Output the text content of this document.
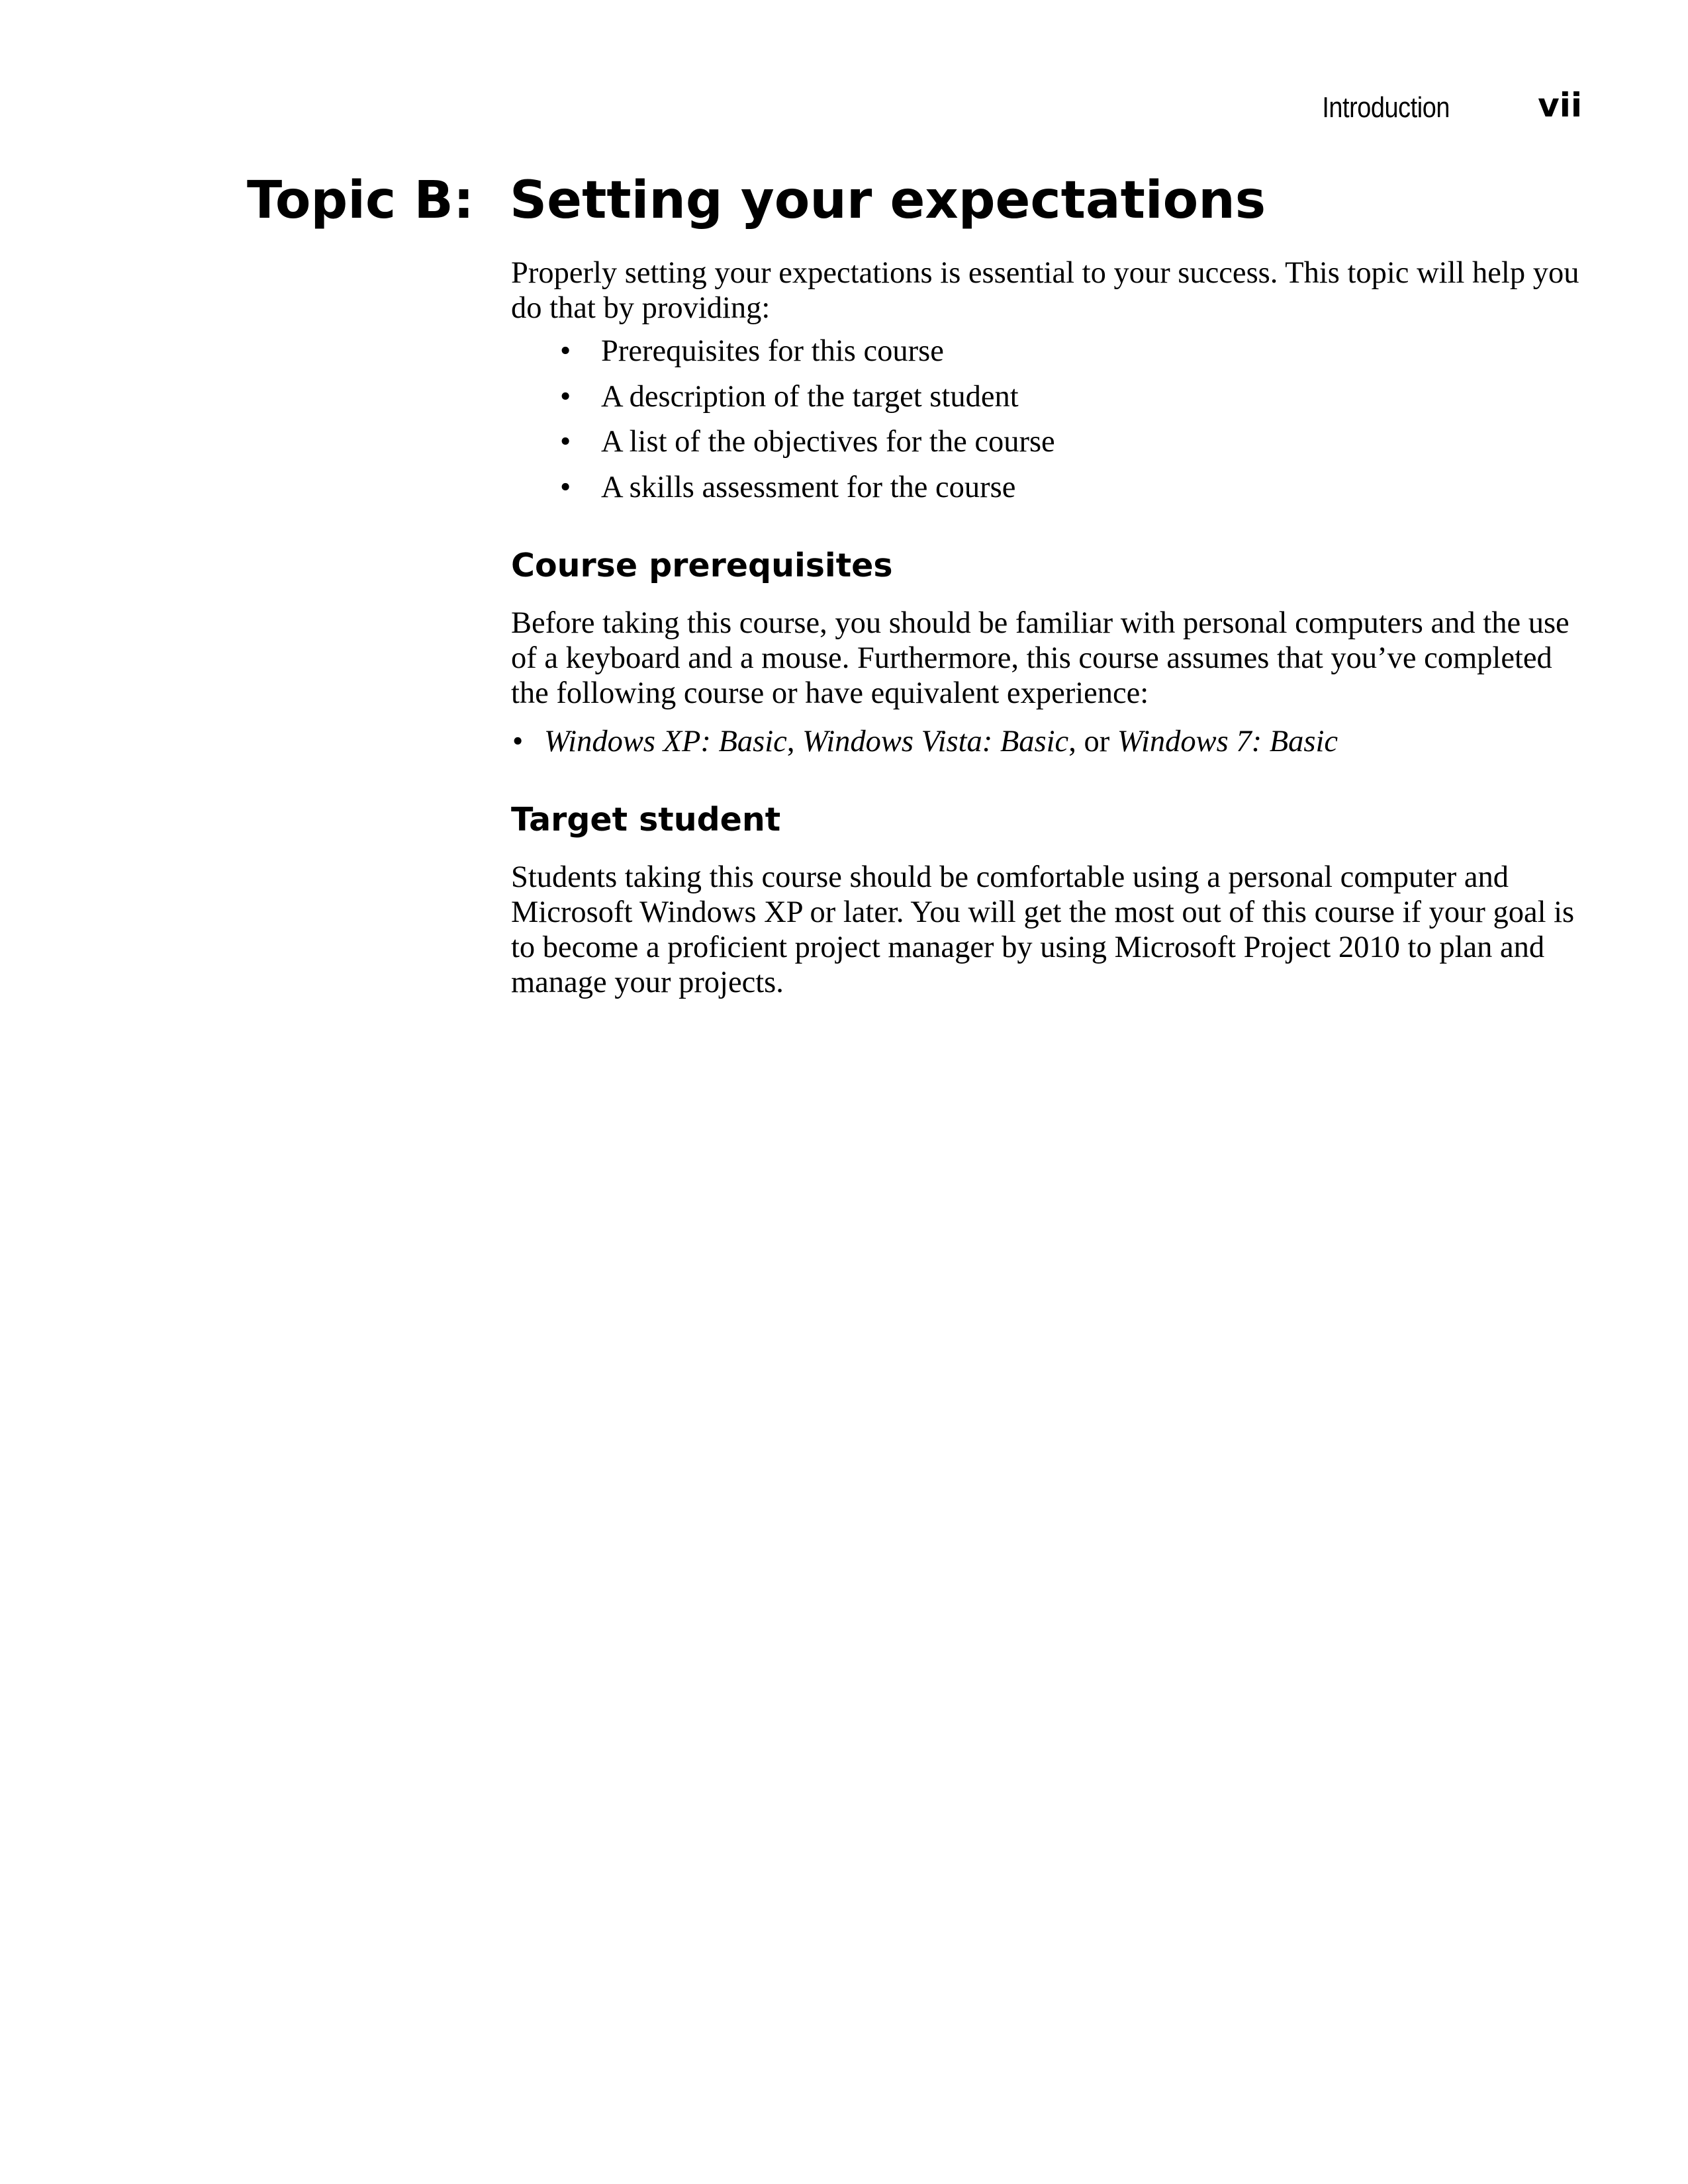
Introduction	vii
Topic B: Setting your expectations

Properly setting your expectations is essential to your success. This topic will help you do that by providing:

• Prerequisites for this course
• A description of the target student
• A list of the objectives for the course
• A skills assessment for the course
Course prerequisites

Before taking this course, you should be familiar with personal computers and the use of a keyboard and a mouse. Furthermore, this course assumes that you’ve completed the following course or have equivalent experience:

• Windows XP: Basic, Windows Vista: Basic, or Windows 7: Basic
Target student

Students taking this course should be comfortable using a personal computer and Microsoft Windows XP or later. You will get the most out of this course if your goal is to become a proficient project manager by using Microsoft Project 2010 to plan and manage your projects.
